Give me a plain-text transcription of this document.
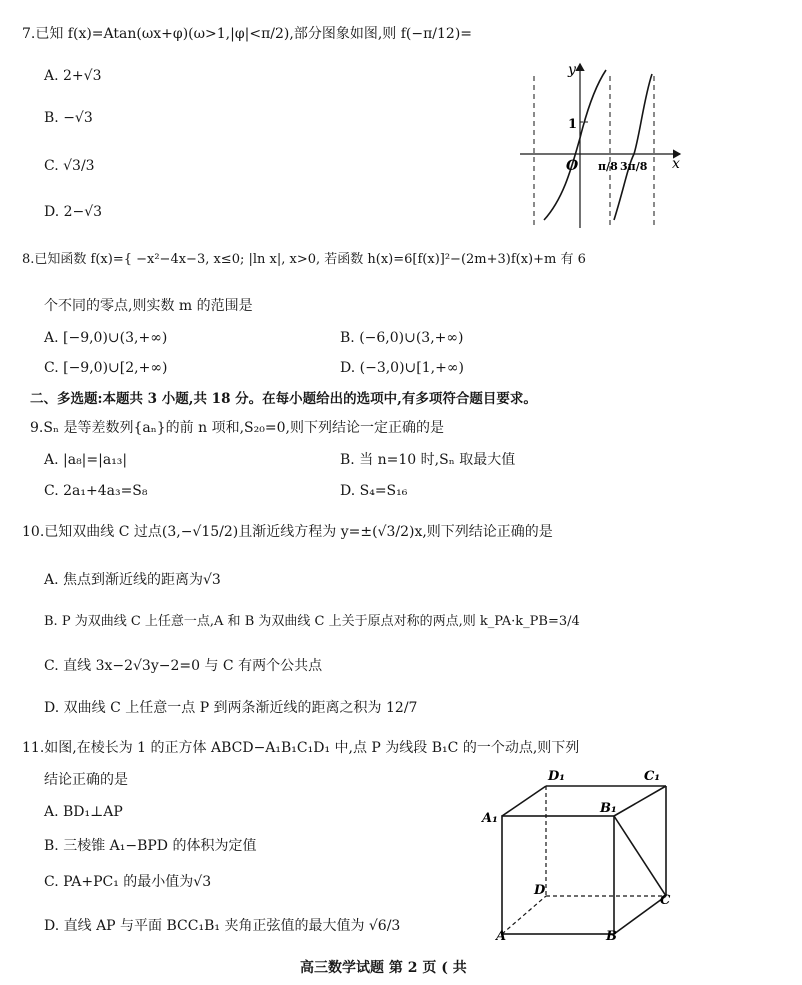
7.已知 f(x)=Atan(ωx+φ)(ω>1,|φ|<π/2),部分图象如图,则 f(−π/12)=
A. 2+√3
B. −√3
C. √3/3
D. 2−√3
y
x
O
1
π/8 3π/8
8.已知函数 f(x)={ −x²−4x−3, x≤0; |ln x|, x>0, 若函数 h(x)=6[f(x)]²−(2m+3)f(x)+m 有 6
个不同的零点,则实数 m 的范围是
A. [−9,0)∪(3,+∞)	B. (−6,0)∪(3,+∞)
C. [−9,0)∪[2,+∞)	D. (−3,0)∪[1,+∞)
二、多选题:本题共 3 小题,共 18 分。在每小题给出的选项中,有多项符合题目要求。
9.Sₙ 是等差数列{aₙ}的前 n 项和,S₂₀=0,则下列结论一定正确的是
A. |a₈|=|a₁₃|	B. 当 n=10 时,Sₙ 取最大值
C. 2a₁+4a₃=S₈	D. S₄=S₁₆
10.已知双曲线 C 过点(3,−√15/2)且渐近线方程为 y=±(√3/2)x,则下列结论正确的是
A. 焦点到渐近线的距离为√3
B. P 为双曲线 C 上任意一点,A 和 B 为双曲线 C 上关于原点对称的两点,则 k_PA·k_PB=3/4
C. 直线 3x−2√3y−2=0 与 C 有两个公共点
D. 双曲线 C 上任意一点 P 到两条渐近线的距离之积为 12/7
11.如图,在棱长为 1 的正方体 ABCD−A₁B₁C₁D₁ 中,点 P 为线段 B₁C 的一个动点,则下列
结论正确的是
A. BD₁⊥AP
B. 三棱锥 A₁−BPD 的体积为定值
C. PA+PC₁ 的最小值为√3
D. 直线 AP 与平面 BCC₁B₁ 夹角正弦值的最大值为 √6/3
D₁	C₁
A₁
B₁
D
C
A	B
高三数学试题 第 2 页 ( 共
